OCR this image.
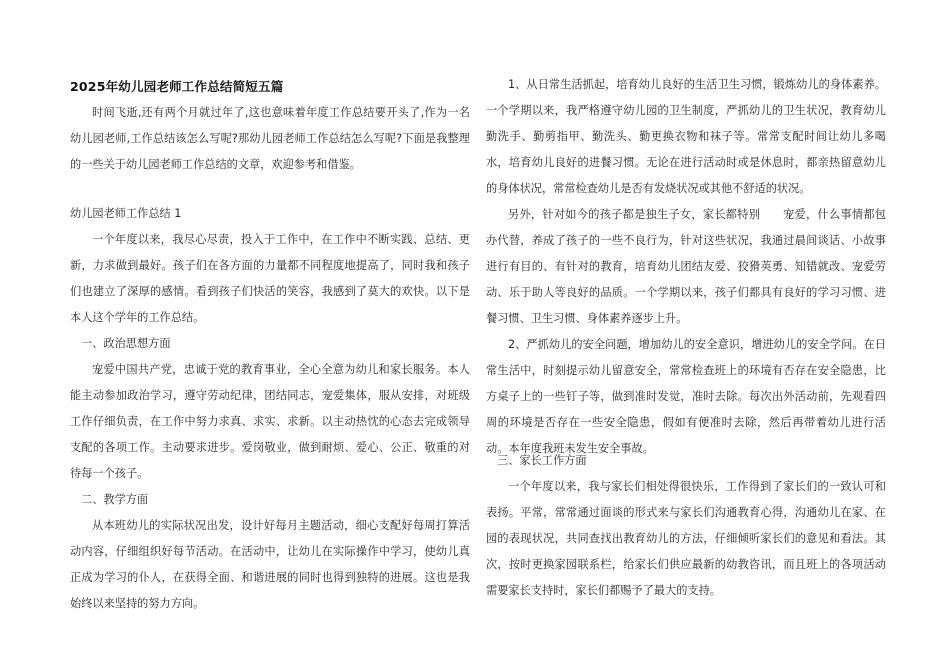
2025年幼儿园老师工作总结简短五篇
时间飞逝,还有两个月就过年了,这也意味着年度工作总结要开头了,作为一名幼儿园老师,工作总结该怎么写呢?那幼儿园老师工作总结怎么写呢?下面是我整理的一些关于幼儿园老师工作总结的文章，欢迎参考和借鉴。
幼儿园老师工作总结 1
一个年度以来，我尽心尽责，投入于工作中，在工作中不断实践、总结、更新，力求做到最好。孩子们在各方面的力量都不同程度地提高了，同时我和孩子们也建立了深厚的感情。看到孩子们快活的笑容，我感到了莫大的欢快。以下是本人这个学年的工作总结。
一、政治思想方面
宠爱中国共产党，忠诚于党的教育事业，全心全意为幼儿和家长服务。本人能主动参加政治学习，遵守劳动纪律，团结同志，宠爱集体，服从安排，对班级工作仔细负责，在工作中努力求真、求实、求新。以主动热忱的心态去完成领导支配的各项工作。主动要求进步。爱岗敬业，做到耐烦、爱心、公正、敬重的对待每一个孩子。
二、教学方面
从本班幼儿的实际状况出发，设计好每月主题活动，细心支配好每周打算活动内容，仔细组织好每节活动。在活动中，让幼儿在实际操作中学习，使幼儿真正成为学习的仆人，在获得全面、和谐进展的同时也得到独特的进展。这也是我始终以来坚持的努力方向。
1、从日常生活抓起，培育幼儿良好的生活卫生习惯，锻炼幼儿的身体素养。一个学期以来，我严格遵守幼儿园的卫生制度，严抓幼儿的卫生状况，教育幼儿勤洗手、勤剪指甲、勤洗头、勤更换衣物和袜子等。常常支配时间让幼儿多喝水，培育幼儿良好的进餐习惯。无论在进行活动时或是休息时，都亲热留意幼儿的身体状况，常常检查幼儿是否有发烧状况或其他不舒适的状况。
另外，针对如今的孩子都是独生子女，家长都特别　　宠爱，什么事情都包办代替，养成了孩子的一些不良行为，针对这些状况，我通过晨间谈话、小故事进行有目的、有针对的教育，培育幼儿团结友爱、狡猾英勇、知错就改、宠爱劳动、乐于助人等良好的品质。一个学期以来，孩子们都具有良好的学习习惯、进餐习惯、卫生习惯、身体素养逐步上升。
2、严抓幼儿的安全问题，增加幼儿的安全意识，增进幼儿的安全学问。在日常生活中，时刻提示幼儿留意安全，常常检查班上的环境有否存在安全隐患，比方桌子上的一些钉子等，做到准时发觉，准时去除。每次出外活动前，先观看四周的环境是否存在一些安全隐患，假如有便准时去除，然后再带着幼儿进行活动。本年度我班未发生安全事故。
三、家长工作方面
一个年度以来，我与家长们相处得很快乐，工作得到了家长们的一致认可和表扬。平常，常常通过面谈的形式来与家长们沟通教育心得，沟通幼儿在家、在园的表现状况，共同查找出教育幼儿的方法，仔细倾听家长们的意见和看法。其次，按时更换家园联系栏，给家长们供应最新的幼教咨讯，而且班上的各项活动需要家长支持时，家长们都赐予了最大的支持。
